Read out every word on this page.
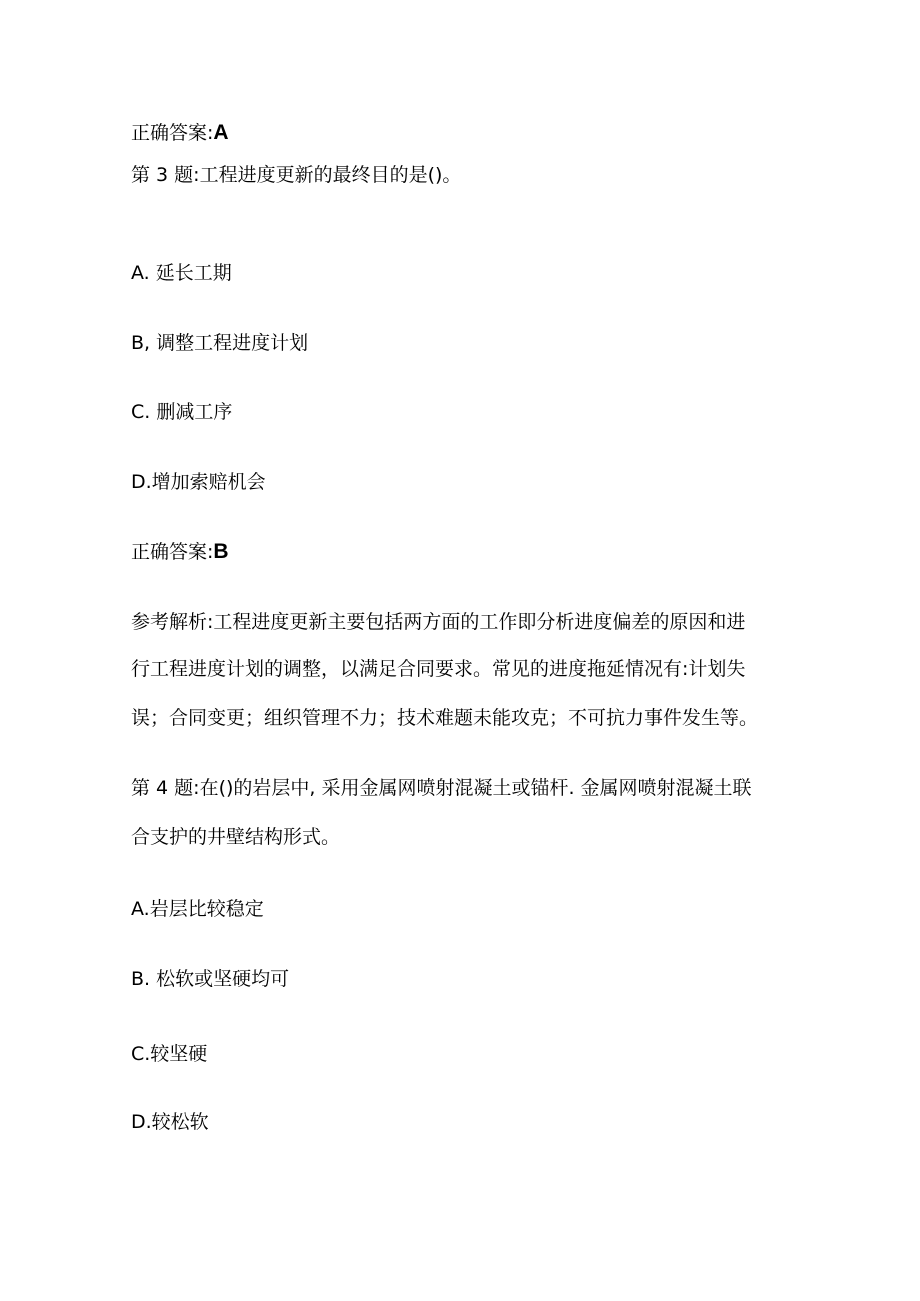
正确答案:A

第 3 题:工程进度更新的最终目的是()。

A. 延长工期

B, 调整工程进度计划

C. 删减工序

D.增加索赔机会

正确答案:B

参考解析:工程进度更新主要包括两方面的工作即分析进度偏差的原因和进

行工程进度计划的调整，以满足合同要求。常见的进度拖延情况有:计划失

误；合同变更；组织管理不力；技术难题未能攻克；不可抗力事件发生等。

第 4 题:在()的岩层中, 采用金属网喷射混凝土或锚杆. 金属网喷射混凝土联

合支护的井壁结构形式。

A.岩层比较稳定

B. 松软或坚硬均可

C.较坚硬

D.较松软
